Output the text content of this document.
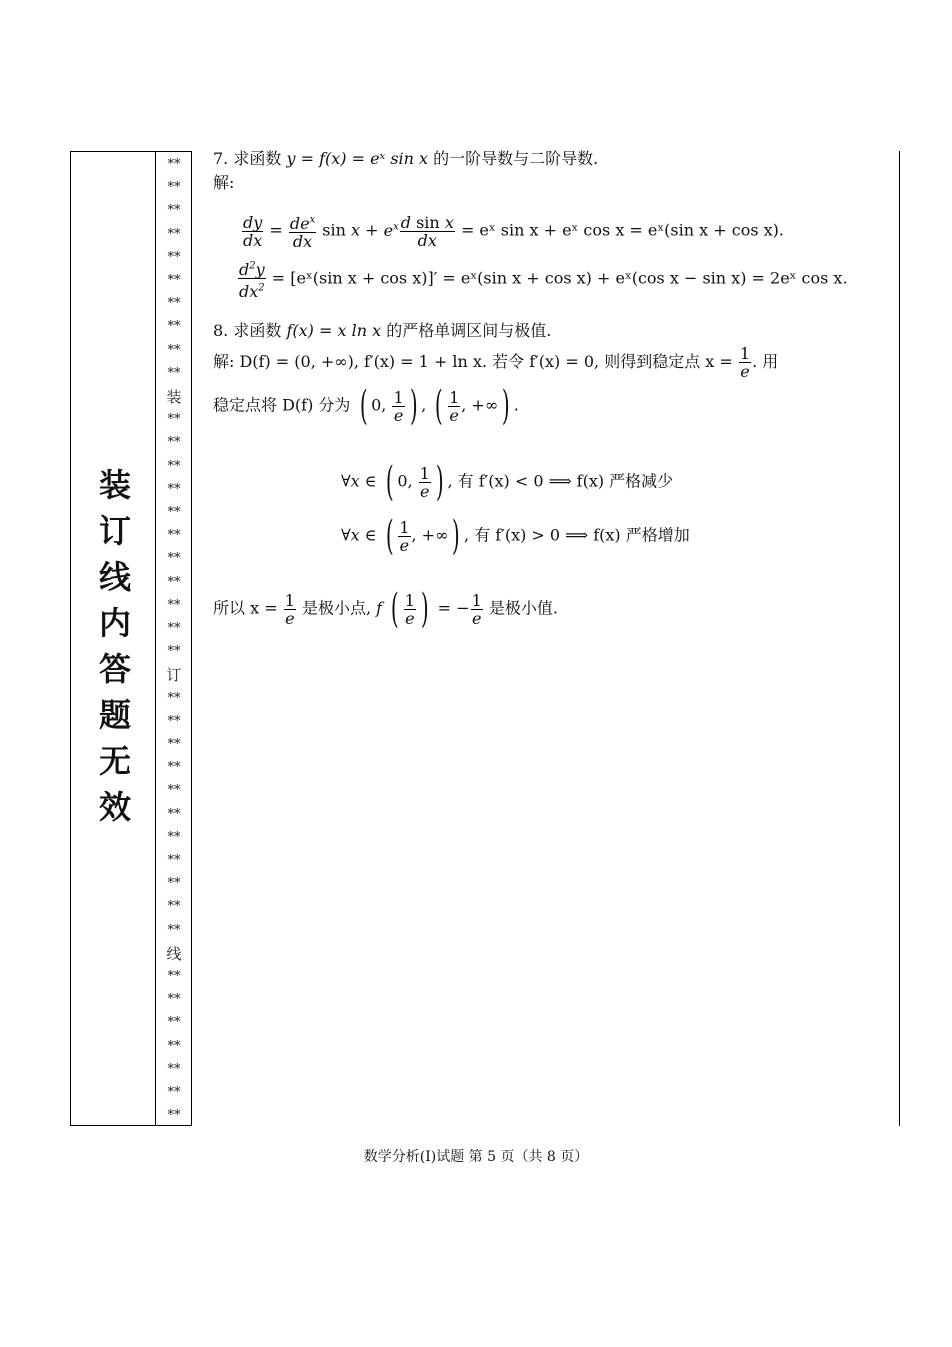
装
订
线
内
答
题
无
效
**
**
**
**
**
**
**
**
**
**
装
**
**
**
**
**
**
**
**
**
**
**
订
**
**
**
**
**
**
**
**
**
**
**
线
**
**
**
**
**
**
**
7. 求函数 y = f(x) = eˣ sin x 的一阶导数与二阶导数.
解:
$\frac{dy}{dx} = \frac{de^x}{dx}$ $\sin x + e^x \frac{\text{d sin x}}{dx}$ = eˣ sin x + eˣ cos x = eˣ(sin x + cos x).
$\frac{d^2y}{dx^2}$ = [eˣ(sin x + cos x)]′ = eˣ(sin x + cos x) + eˣ(cos x − sin x) = 2eˣ cos x.
8. 求函数 f(x) = x ln x 的严格单调区间与极值.
解: D(f) = (0, +∞), f′(x) = 1 + ln x. 若令 f′(x) = 0, 则得到稳定点 $x = \frac{1}{e}$ . 用
稳定点将 D(f) 分为 ( 0, $\frac{1}{e}$ ) , ( $\frac{1}{e}$ , +∞) .
∀x ∈ ( 0, $\frac{1}{e}$ ) , 有 f′(x) < 0 ⟹ f(x) 严格减少
∀x ∈ ( $\frac{1}{e}$ , +∞) , 有 f′(x) > 0 ⟹ f(x) 严格增加
所以 $x = \frac{1}{e}$ 是极小点, f ( $\frac{1}{e}$ ) = − $\frac{1}{e}$ 是极小值.
数学分析(I)试题 第 5 页（共 8 页）
